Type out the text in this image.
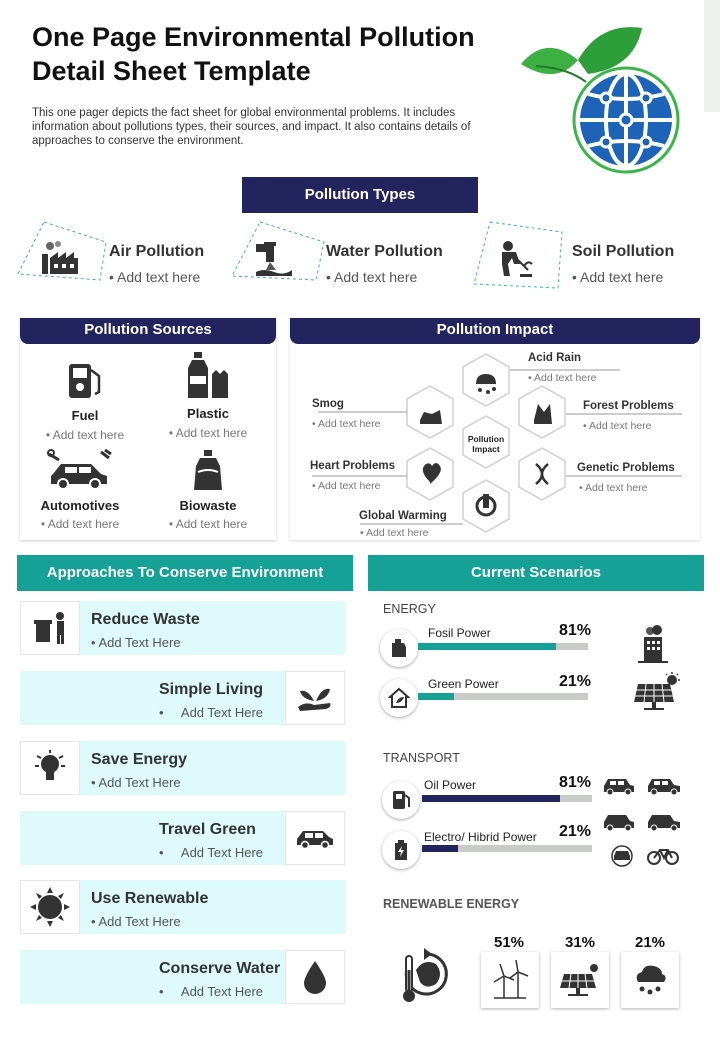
One Page Environmental Pollution
Detail Sheet Template

This one pager depicts the fact sheet for global environmental problems. It includes information about pollutions types, their sources, and impact. It also contains details of approaches to conserve the environment.

Pollution Types
Air Pollution
• Add text here
Water Pollution
• Add text here
Soil Pollution
• Add text here
Pollution Sources
Fuel
• Add text here
Plastic
• Add text here
Automotives
• Add text here
Biowaste
• Add text here
Pollution Impact
Pollution Impact
Acid Rain
• Add text here
Smog
• Add text here
Forest Problems
• Add text here
Heart Problems
• Add text here
Genetic Problems
• Add text here
Global Warming
• Add text here
Approaches To Conserve Environment
Reduce Waste
• Add Text Here
Simple Living
•     Add Text Here
Save Energy
• Add Text Here
Travel Green
•     Add Text Here
Use Renewable
• Add Text Here
Conserve Water
•     Add Text Here
Current Scenarios
ENERGY
Fosil Power	81%
Green Power	21%
TRANSPORT
Oil Power	81%
Electro/ Hibrid Power 21%
RENEWABLE ENERGY
51%	31%	21%
